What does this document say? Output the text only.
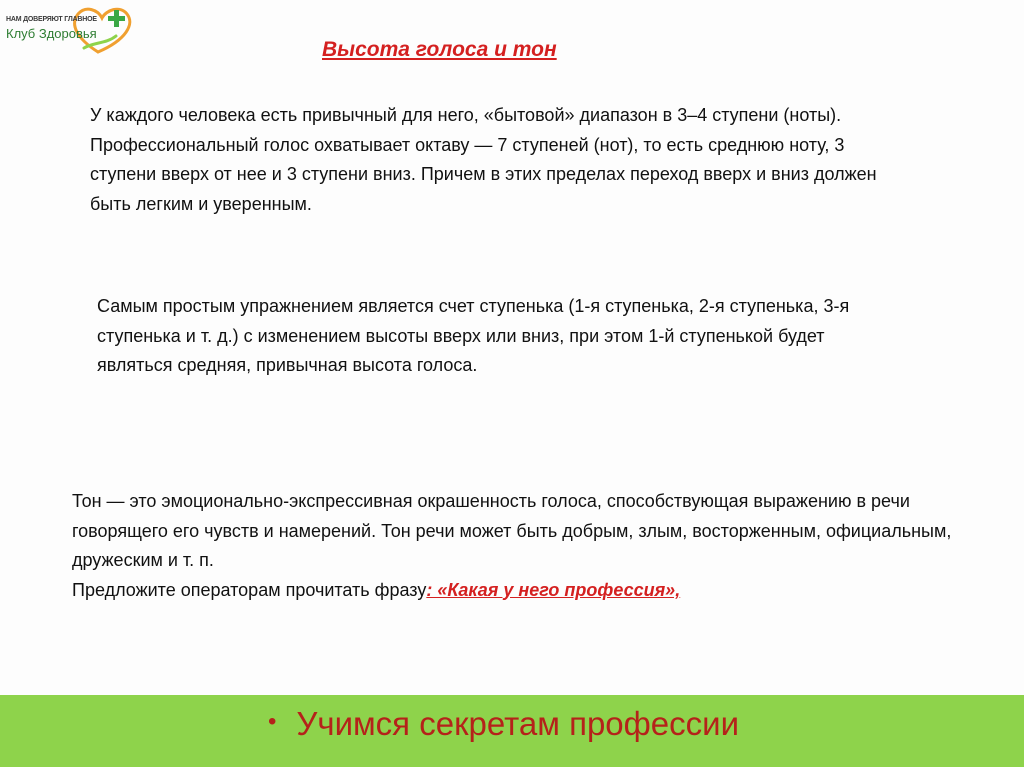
НАМ ДОВЕРЯЮТ ГЛАВНОЕ
Клуб Здоровья
Высота голоса и тон

У каждого человека есть привычный для него, «бытовой» диапазон в 3–4 ступени (ноты). Профессиональный голос охватывает октаву — 7 ступеней (нот), то есть среднюю ноту, 3 ступени вверх от нее и 3 ступени вниз. Причем в этих пределах переход вверх и вниз должен быть легким и уверенным.

Самым простым упражнением является счет ступенька (1-я ступенька, 2-я ступенька, 3-я ступенька и т. д.) с изменением высоты вверх или вниз, при этом 1-й ступенькой будет являться средняя, привычная высота голоса.

Тон — это эмоционально-экспрессивная окрашенность голоса, способствующая выражению в речи говорящего его чувств и намерений. Тон речи может быть добрым, злым, восторженным, официальным, дружеским и т. п.
Предложите операторам прочитать фразу: «Какая у него профессия»,
• Учимся секретам профессии
